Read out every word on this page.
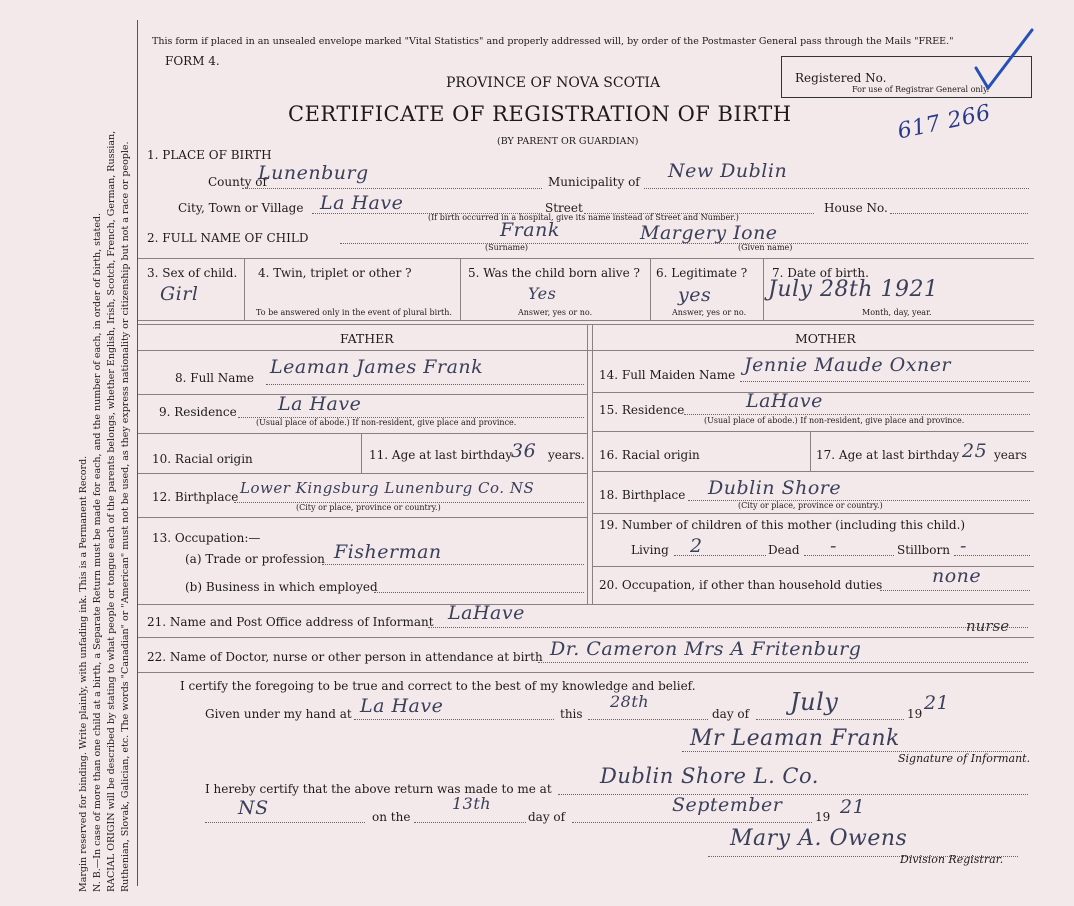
Margin reserved for binding. Write plainly, with unfading ink. This is a Permanent Record. N. B.—In case of more than one child at a birth, a Separate Return must be made for each, and the number of each, in order of birth, stated. RACIAL ORIGIN will be described by stating to what people or tongue each of the parents belongs, whether English, Irish, Scotch, French, German, Russian, Ruthenian, Slovak, Galician, etc. The words "Canadian" or "American" must not be used, as they express nationality or citizenship but not a race or people.
This form if placed in an unsealed envelope marked "Vital Statistics" and properly addressed will, by order of the Postmaster General pass through the Mails "FREE."
FORM 4.
PROVINCE OF NOVA SCOTIA
CERTIFICATE OF REGISTRATION OF BIRTH
(BY PARENT OR GUARDIAN)
Registered No.
For use of Registrar General only.
617 266
1. PLACE OF BIRTH
County of
Lunenburg	Municipality of New Dublin
City, Town or Village La Have	Street	House No.
(If birth occurred in a hospital, give its name instead of Street and Number.)
2. FULL NAME OF CHILD	Frank	Margery Ione
(Surname)	(Given name)
3. Sex of child.
Girl
4. Twin, triplet or other ?
To be answered only in the event of plural birth.
5. Was the child born alive ?
Yes
Answer, yes or no.
6. Legitimate ?
yes
Answer, yes or no.
7. Date of birth.
July 28th 1921
Month, day, year.
FATHER	MOTHER
8. Full Name Leaman James Frank
9. Residence La Have
(Usual place of abode.) If non-resident, give place and province.
10. Racial origin	11. Age at last birthday
36 years.
12. Birthplace Lower Kingsburg Lunenburg Co. NS
(City or place, province or country.)
13. Occupation:—
(a) Trade or profession Fisherman
(b) Business in which employed
14. Full Maiden Name Jennie Maude Oxner
15. Residence	LaHave
(Usual place of abode.) If non-resident, give place and province.
16. Racial origin	17. Age at last birthday 25 years
18. Birthplace Dublin Shore
(City or place, province or country.)
19. Number of children of this mother (including this child.)
Living 2	Dead -	Stillborn -
20. Occupation, if other than household duties	none
21. Name and Post Office address of Informant LaHave
nurse
22. Name of Doctor, nurse or other person in attendance at birth Dr. Cameron Mrs A Fritenburg
I certify the foregoing to be true and correct to the best of my knowledge and belief.
Given under my hand at La Have	this
28th
day of July	19 21
Mr Leaman Frank
Signature of Informant.
I hereby certify that the above return was made to me at
Dublin Shore L. Co.
NS	on the
13th
day of
September
19 21
Mary A. Owens
Division Registrar.
